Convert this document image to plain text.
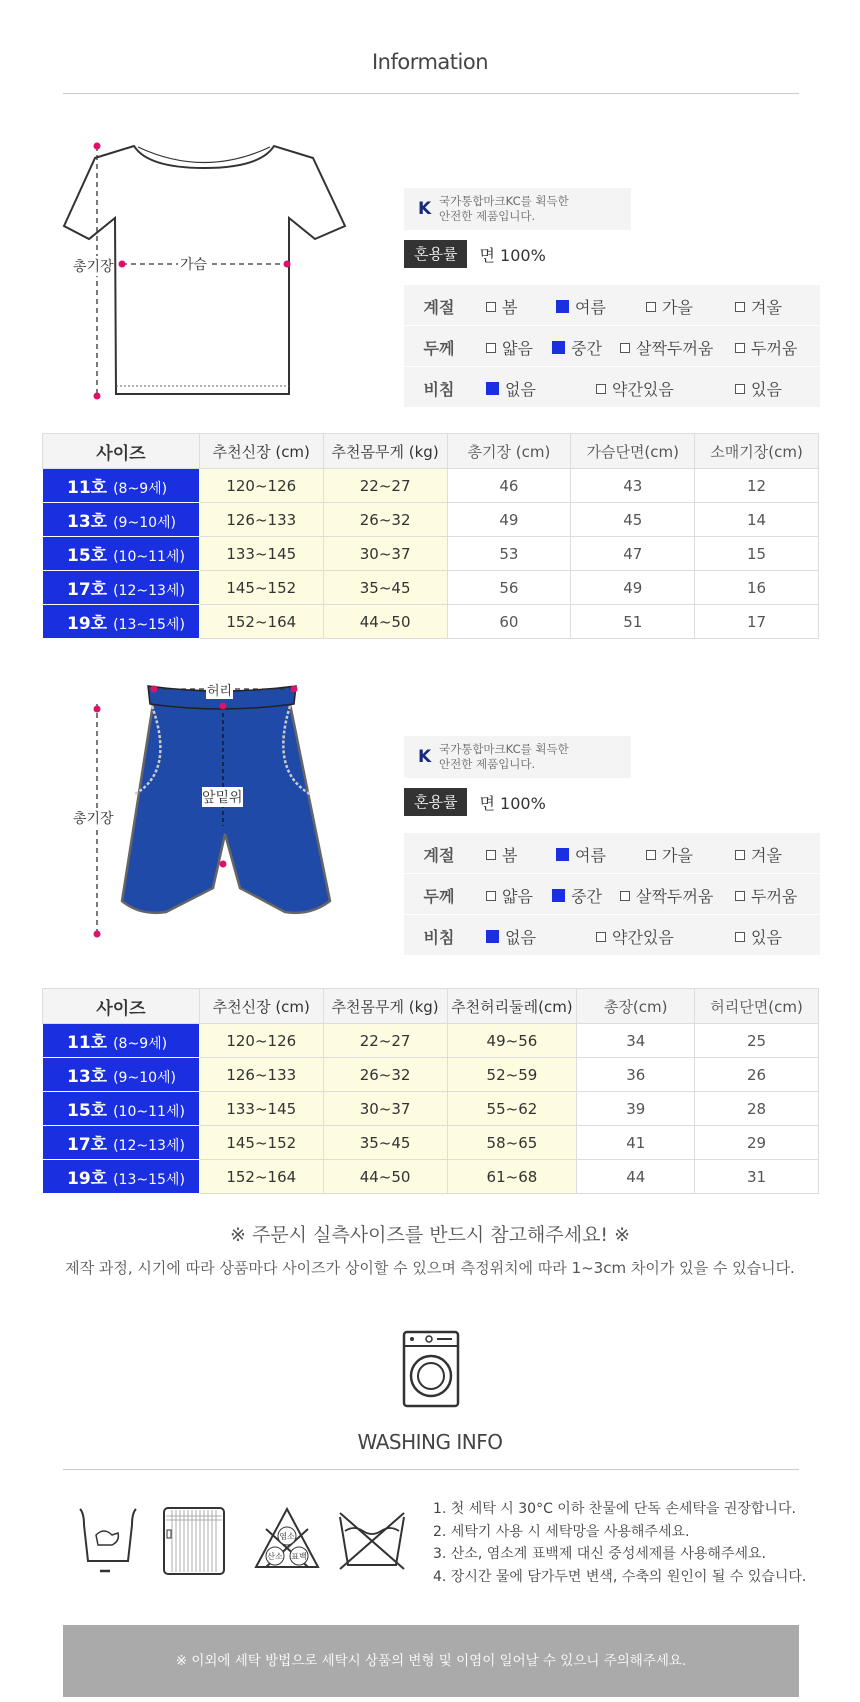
Information
총기장	가슴
K 국가통합마크KC를 획득한
안전한 제품입니다.
혼용률	면 100%
계절	봄	여름	가을	겨울
두께	얇음 중간 살짝두꺼움 두꺼움
비침	없음	약간있음	있음
사이즈	추천신장 (cm)	추천몸무게 (kg)	총기장 (cm)	가슴단면(cm)	소매기장(cm)
11호 (8~9세)	120~126	22~27	46	43	12
13호 (9~10세)	126~133	26~32	49	45	14
15호 (10~11세)	133~145	30~37	53	47	15
17호 (12~13세)	145~152	35~45	56	49	16
19호 (13~15세)	152~164	44~50	60	51	17
허리
총기장
앞밑위
K 국가통합마크KC를 획득한
안전한 제품입니다.
혼용률	면 100%
계절	봄	여름	가을	겨울
두께	얇음 중간 살짝두꺼움 두꺼움
비침	없음	약간있음	있음
사이즈	추천신장 (cm)	추천몸무게 (kg)	추천허리둘레(cm)	총장(cm)	허리단면(cm)
11호 (8~9세)	120~126	22~27	49~56	34	25
13호 (9~10세)	126~133	26~32	52~59	36	26
15호 (10~11세)	133~145	30~37	55~62	39	28
17호 (12~13세)	145~152	35~45	58~65	41	29
19호 (13~15세)	152~164	44~50	61~68	44	31
※ 주문시 실측사이즈를 반드시 참고해주세요! ※
제작 과정, 시기에 따라 상품마다 사이즈가 상이할 수 있으며 측정위치에 따라 1~3cm 차이가 있을 수 있습니다.
WASHING INFO
염소
산소 표백
1. 첫 세탁 시 30°C 이하 찬물에 단독 손세탁을 권장합니다.
2. 세탁기 사용 시 세탁망을 사용해주세요.
3. 산소, 염소계 표백제 대신 중성세제를 사용해주세요.
4. 장시간 물에 담가두면 변색, 수축의 원인이 될 수 있습니다.
※ 이외에 세탁 방법으로 세탁시 상품의 변형 및 이염이 일어날 수 있으니 주의해주세요.
